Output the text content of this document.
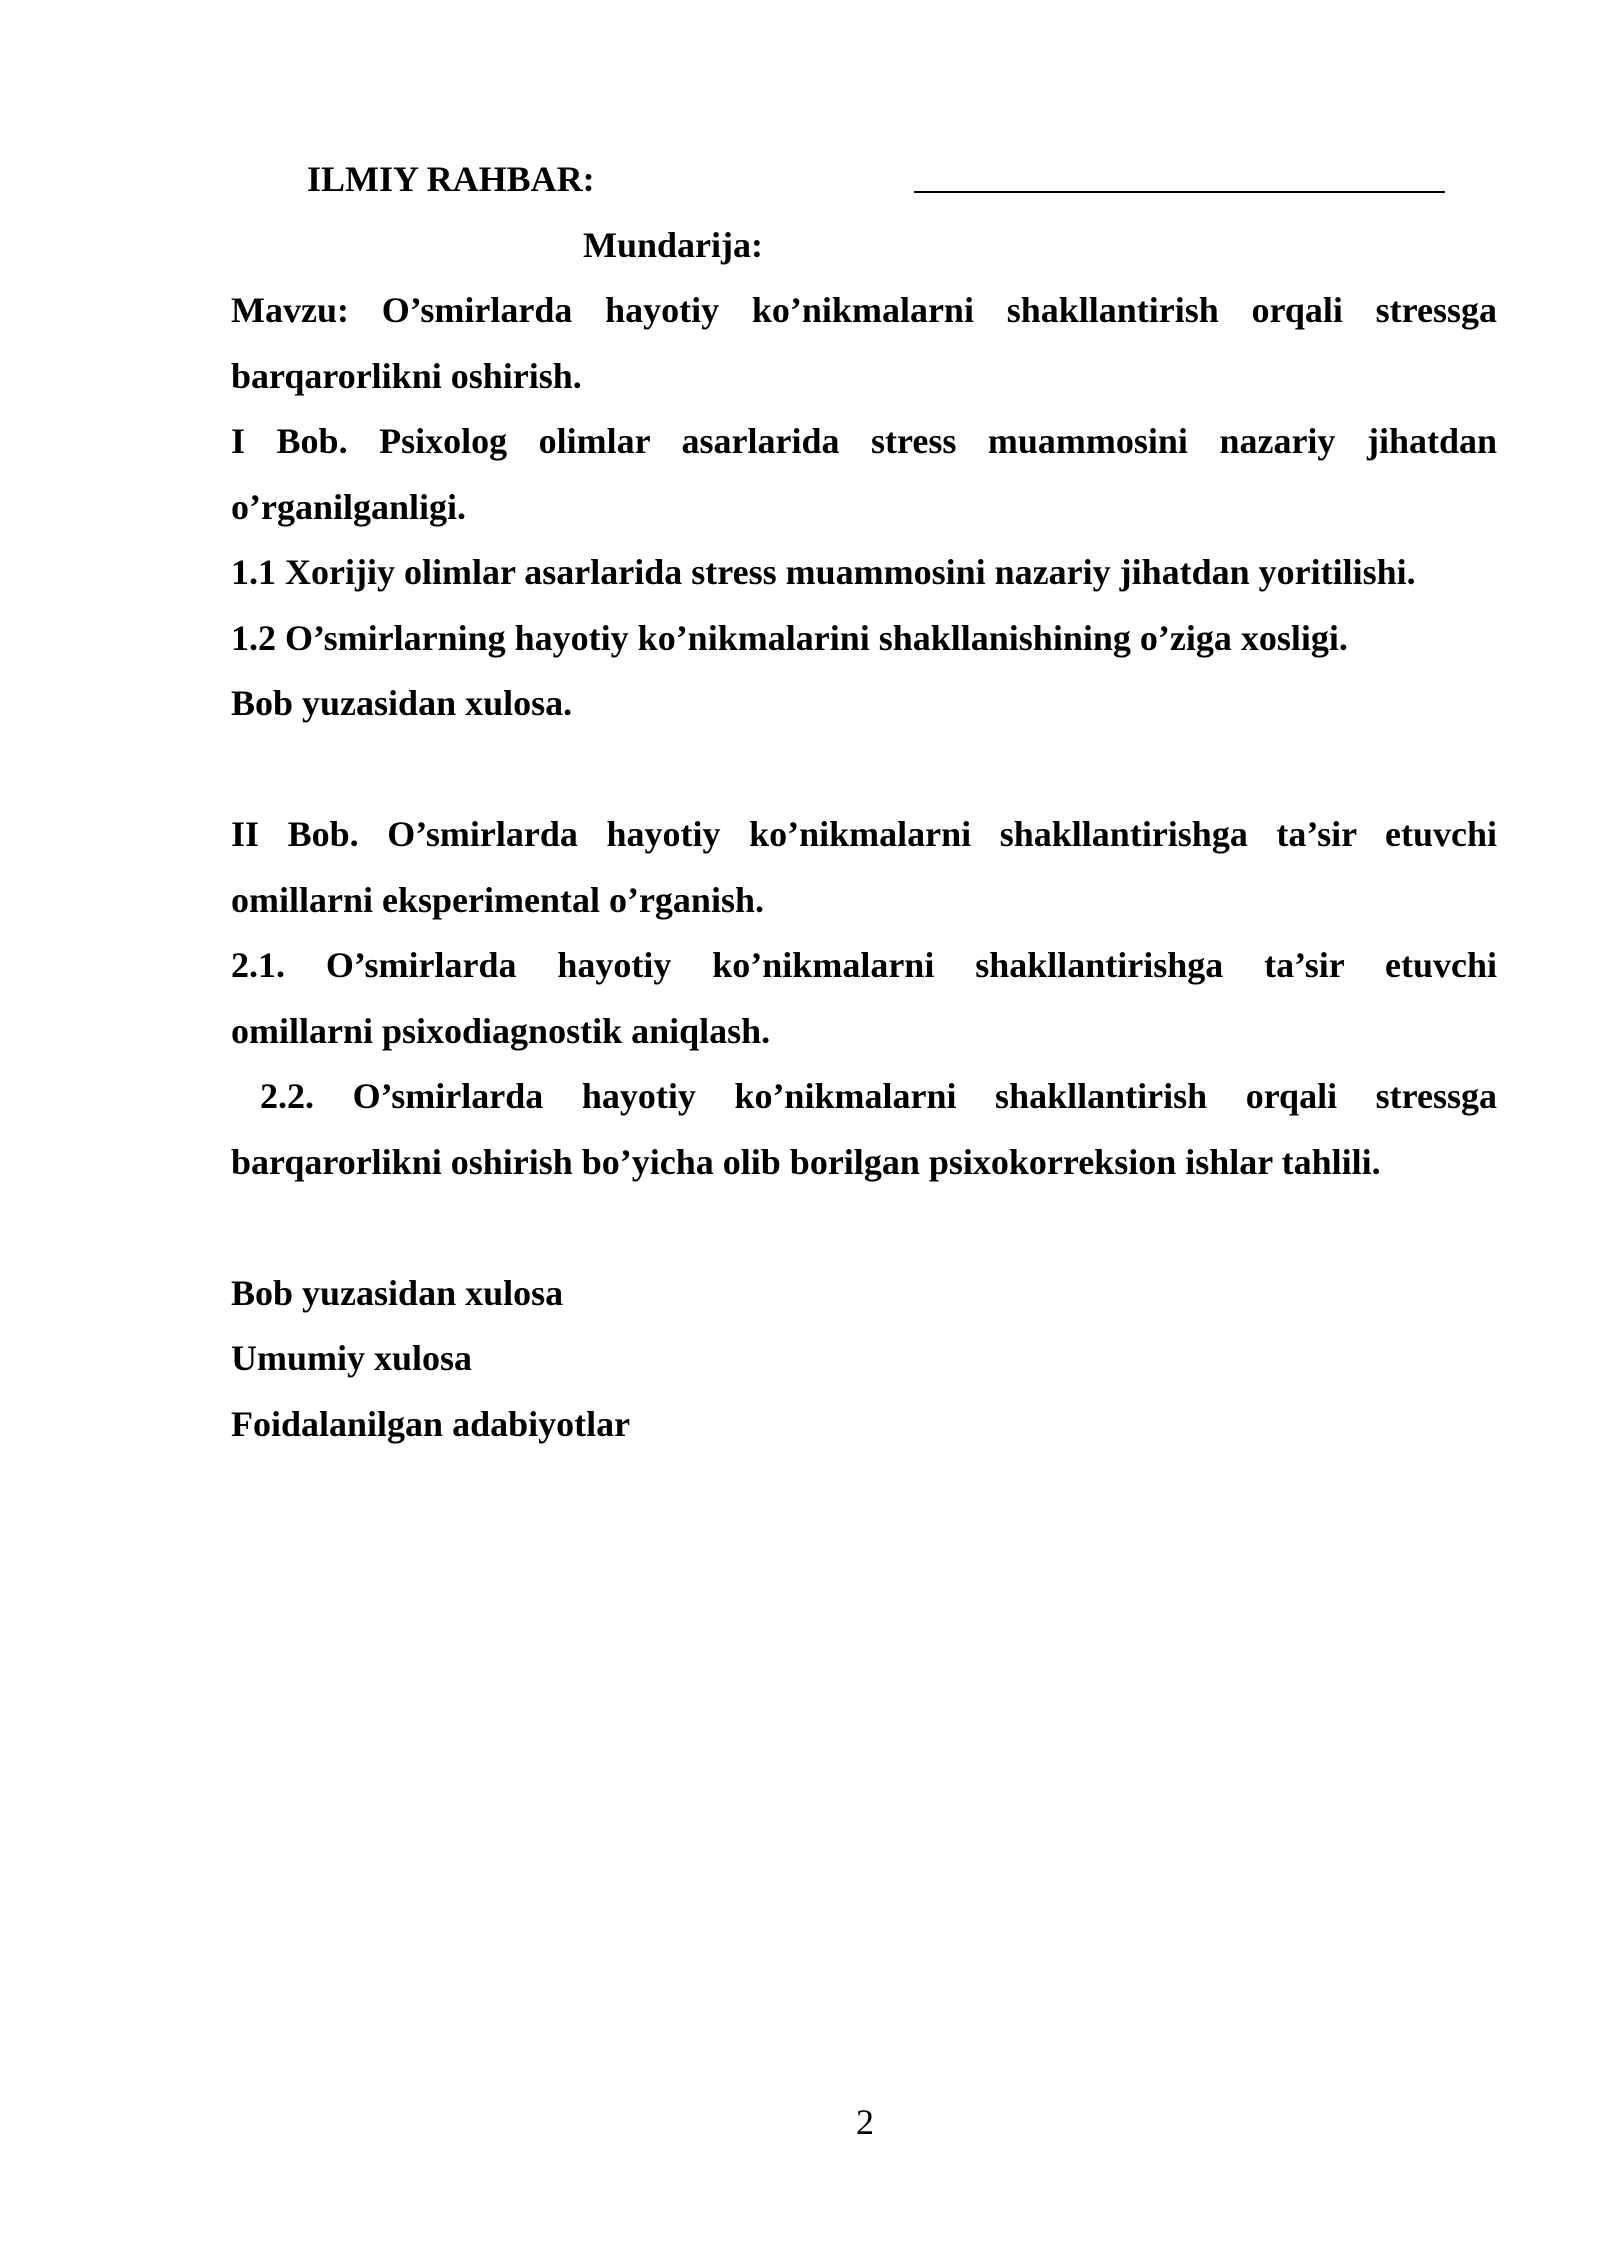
ILMIY RAHBAR:
Mundarija:
Mavzu: O’smirlarda hayotiy ko’nikmalarni shakllantirish orqali stressga
barqarorlikni oshirish.
I Bob. Psixolog olimlar asarlarida stress muammosini nazariy jihatdan
o’rganilganligi.
1.1 Xorijiy olimlar asarlarida stress muammosini nazariy jihatdan yoritilishi.
1.2 O’smirlarning hayotiy ko’nikmalarini shakllanishining o’ziga xosligi.
Bob yuzasidan xulosa.
II Bob. O’smirlarda hayotiy ko’nikmalarni shakllantirishga ta’sir etuvchi
omillarni eksperimental o’rganish.
2.1. O’smirlarda hayotiy ko’nikmalarni shakllantirishga ta’sir etuvchi
omillarni psixodiagnostik aniqlash.
2.2. O’smirlarda hayotiy ko’nikmalarni shakllantirish orqali stressga
barqarorlikni oshirish bo’yicha olib borilgan psixokorreksion ishlar tahlili.
Bob yuzasidan xulosa
Umumiy xulosa
Foidalanilgan adabiyotlar
2
